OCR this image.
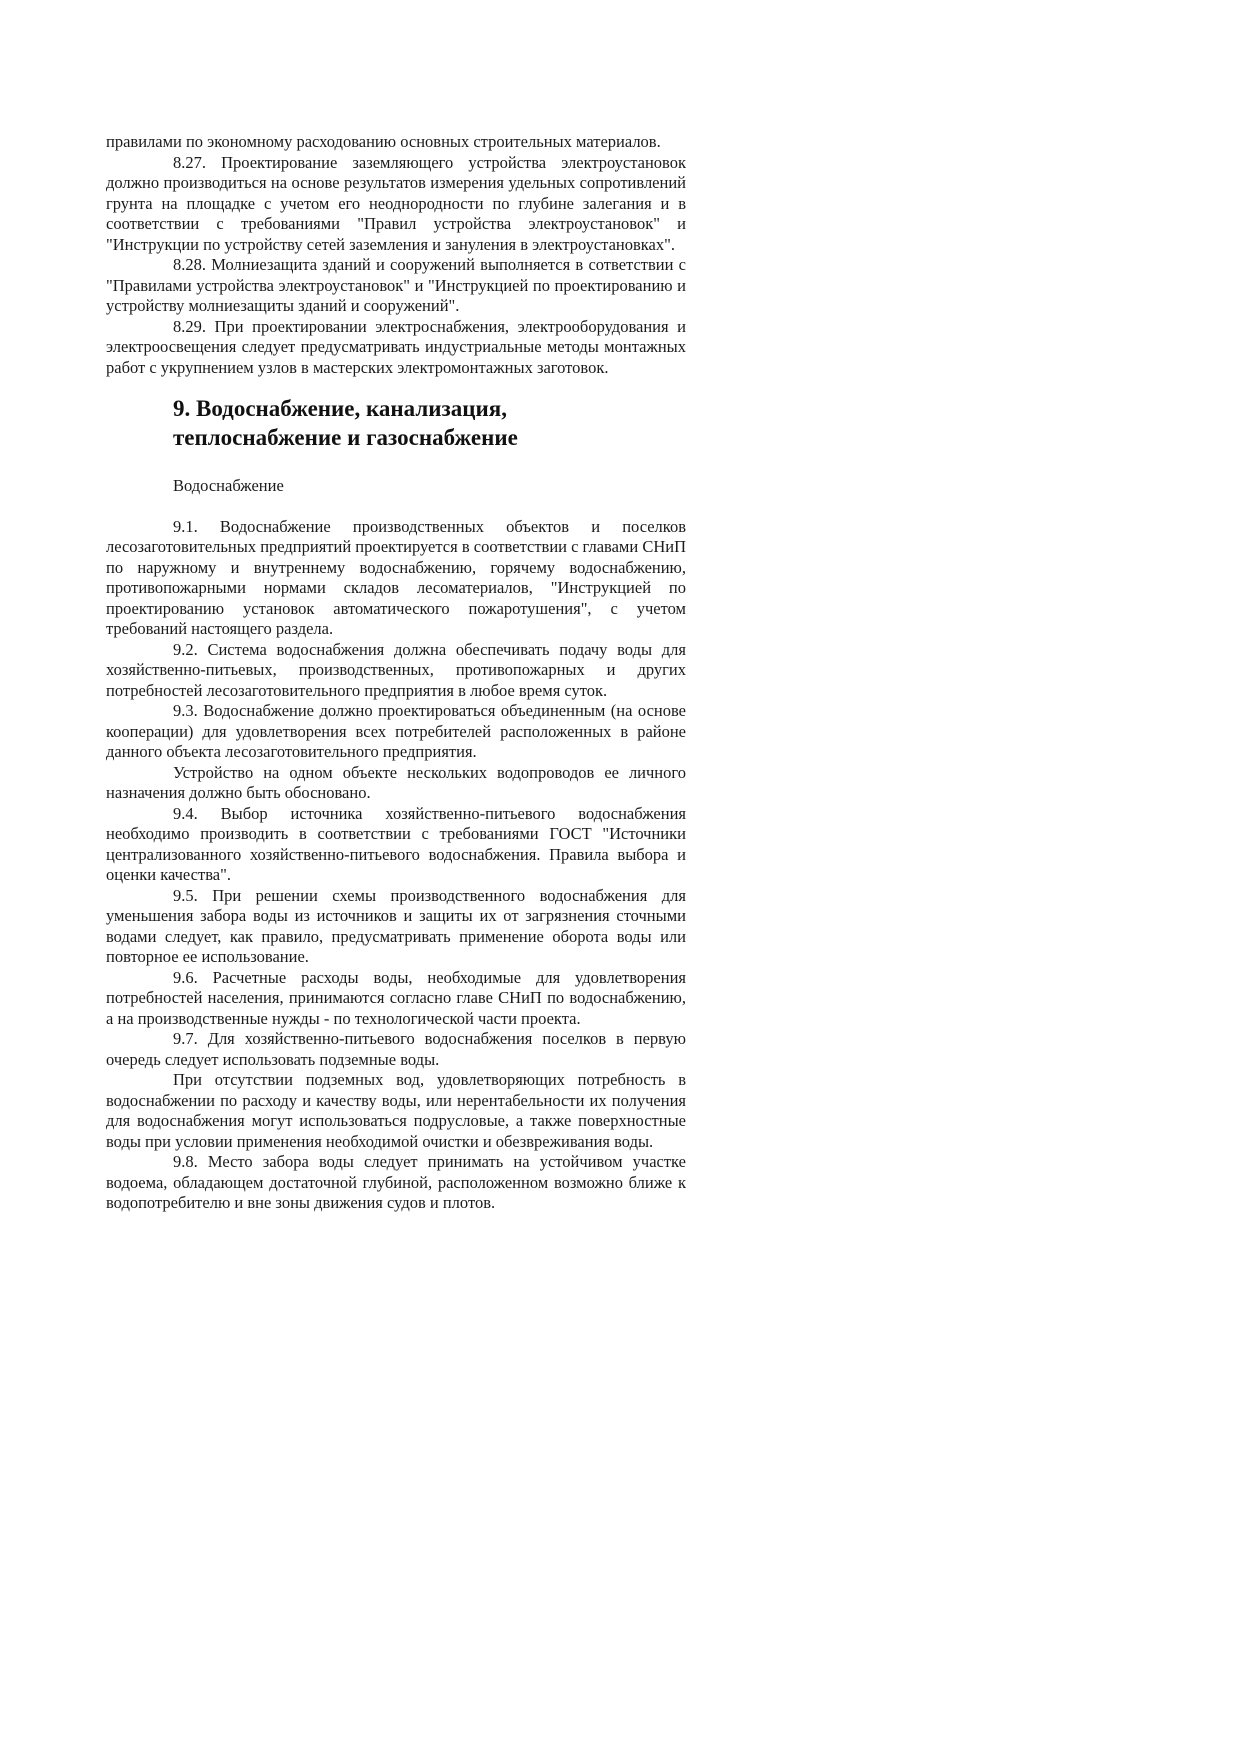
правилами по экономному расходованию основных строительных материалов.

8.27. Проектирование заземляющего устройства электроустановок должно производиться на основе результатов измерения удельных сопротивлений грунта на площадке с учетом его неоднородности по глубине залегания и в соответствии с требованиями "Правил устройства электроустановок" и "Инструкции по устройству сетей заземления и зануления в электроустановках".

8.28. Молниезащита зданий и сооружений выполняется в сответствии с "Правилами устройства электроустановок" и "Инструкцией по проектированию и устройству молниезащиты зданий и сооружений".

8.29. При проектировании электроснабжения, электрооборудования и электроосвещения следует предусматривать индустриальные методы монтажных работ с укрупнением узлов в мастерских электромонтажных заготовок.

9. Водоснабжение, канализация,
теплоснабжение и газоснабжение
Водоснабжение

9.1. Водоснабжение производственных объектов и поселков лесозаготовительных предприятий проектируется в соответствии с главами СНиП по наружному и внутреннему водоснабжению, горячему водоснабжению, противопожарными нормами складов лесоматериалов, "Инструкцией по проектированию установок автоматического пожаротушения", с учетом требований настоящего раздела.

9.2. Система водоснабжения должна обеспечивать подачу воды для хозяйственно-питьевых, производственных, противопожарных и других потребностей лесозаготовительного предприятия в любое время суток.

9.3. Водоснабжение должно проектироваться объединенным (на основе кооперации) для удовлетворения всех потребителей расположенных в районе данного объекта лесозаготовительного предприятия.

Устройство на одном объекте нескольких водопроводов ее личного назначения должно быть обосновано.

9.4. Выбор источника хозяйственно-питьевого водоснабжения необходимо производить в соответствии с требованиями ГОСТ "Источники централизованного хозяйственно-питьевого водоснабжения. Правила выбора и оценки качества".

9.5. При решении схемы производственного водоснабжения для уменьшения забора воды из источников и защиты их от загрязнения сточными водами следует, как правило, предусматривать применение оборота воды или повторное ее использование.

9.6. Расчетные расходы воды, необходимые для удовлетворения потребностей населения, принимаются согласно главе СНиП по водоснабжению, а на производственные нужды - по технологической части проекта.

9.7. Для хозяйственно-питьевого водоснабжения поселков в первую очередь следует использовать подземные воды.

При отсутствии подземных вод, удовлетворяющих потребность в водоснабжении по расходу и качеству воды, или нерентабельности их получения для водоснабжения могут использоваться подрусловые, а также поверхностные воды при условии применения необходимой очистки и обезвреживания воды.

9.8. Место забора воды следует принимать на устойчивом участке водоема, обладающем достаточной глубиной, расположенном возможно ближе к водопотребителю и вне зоны движения судов и плотов.
